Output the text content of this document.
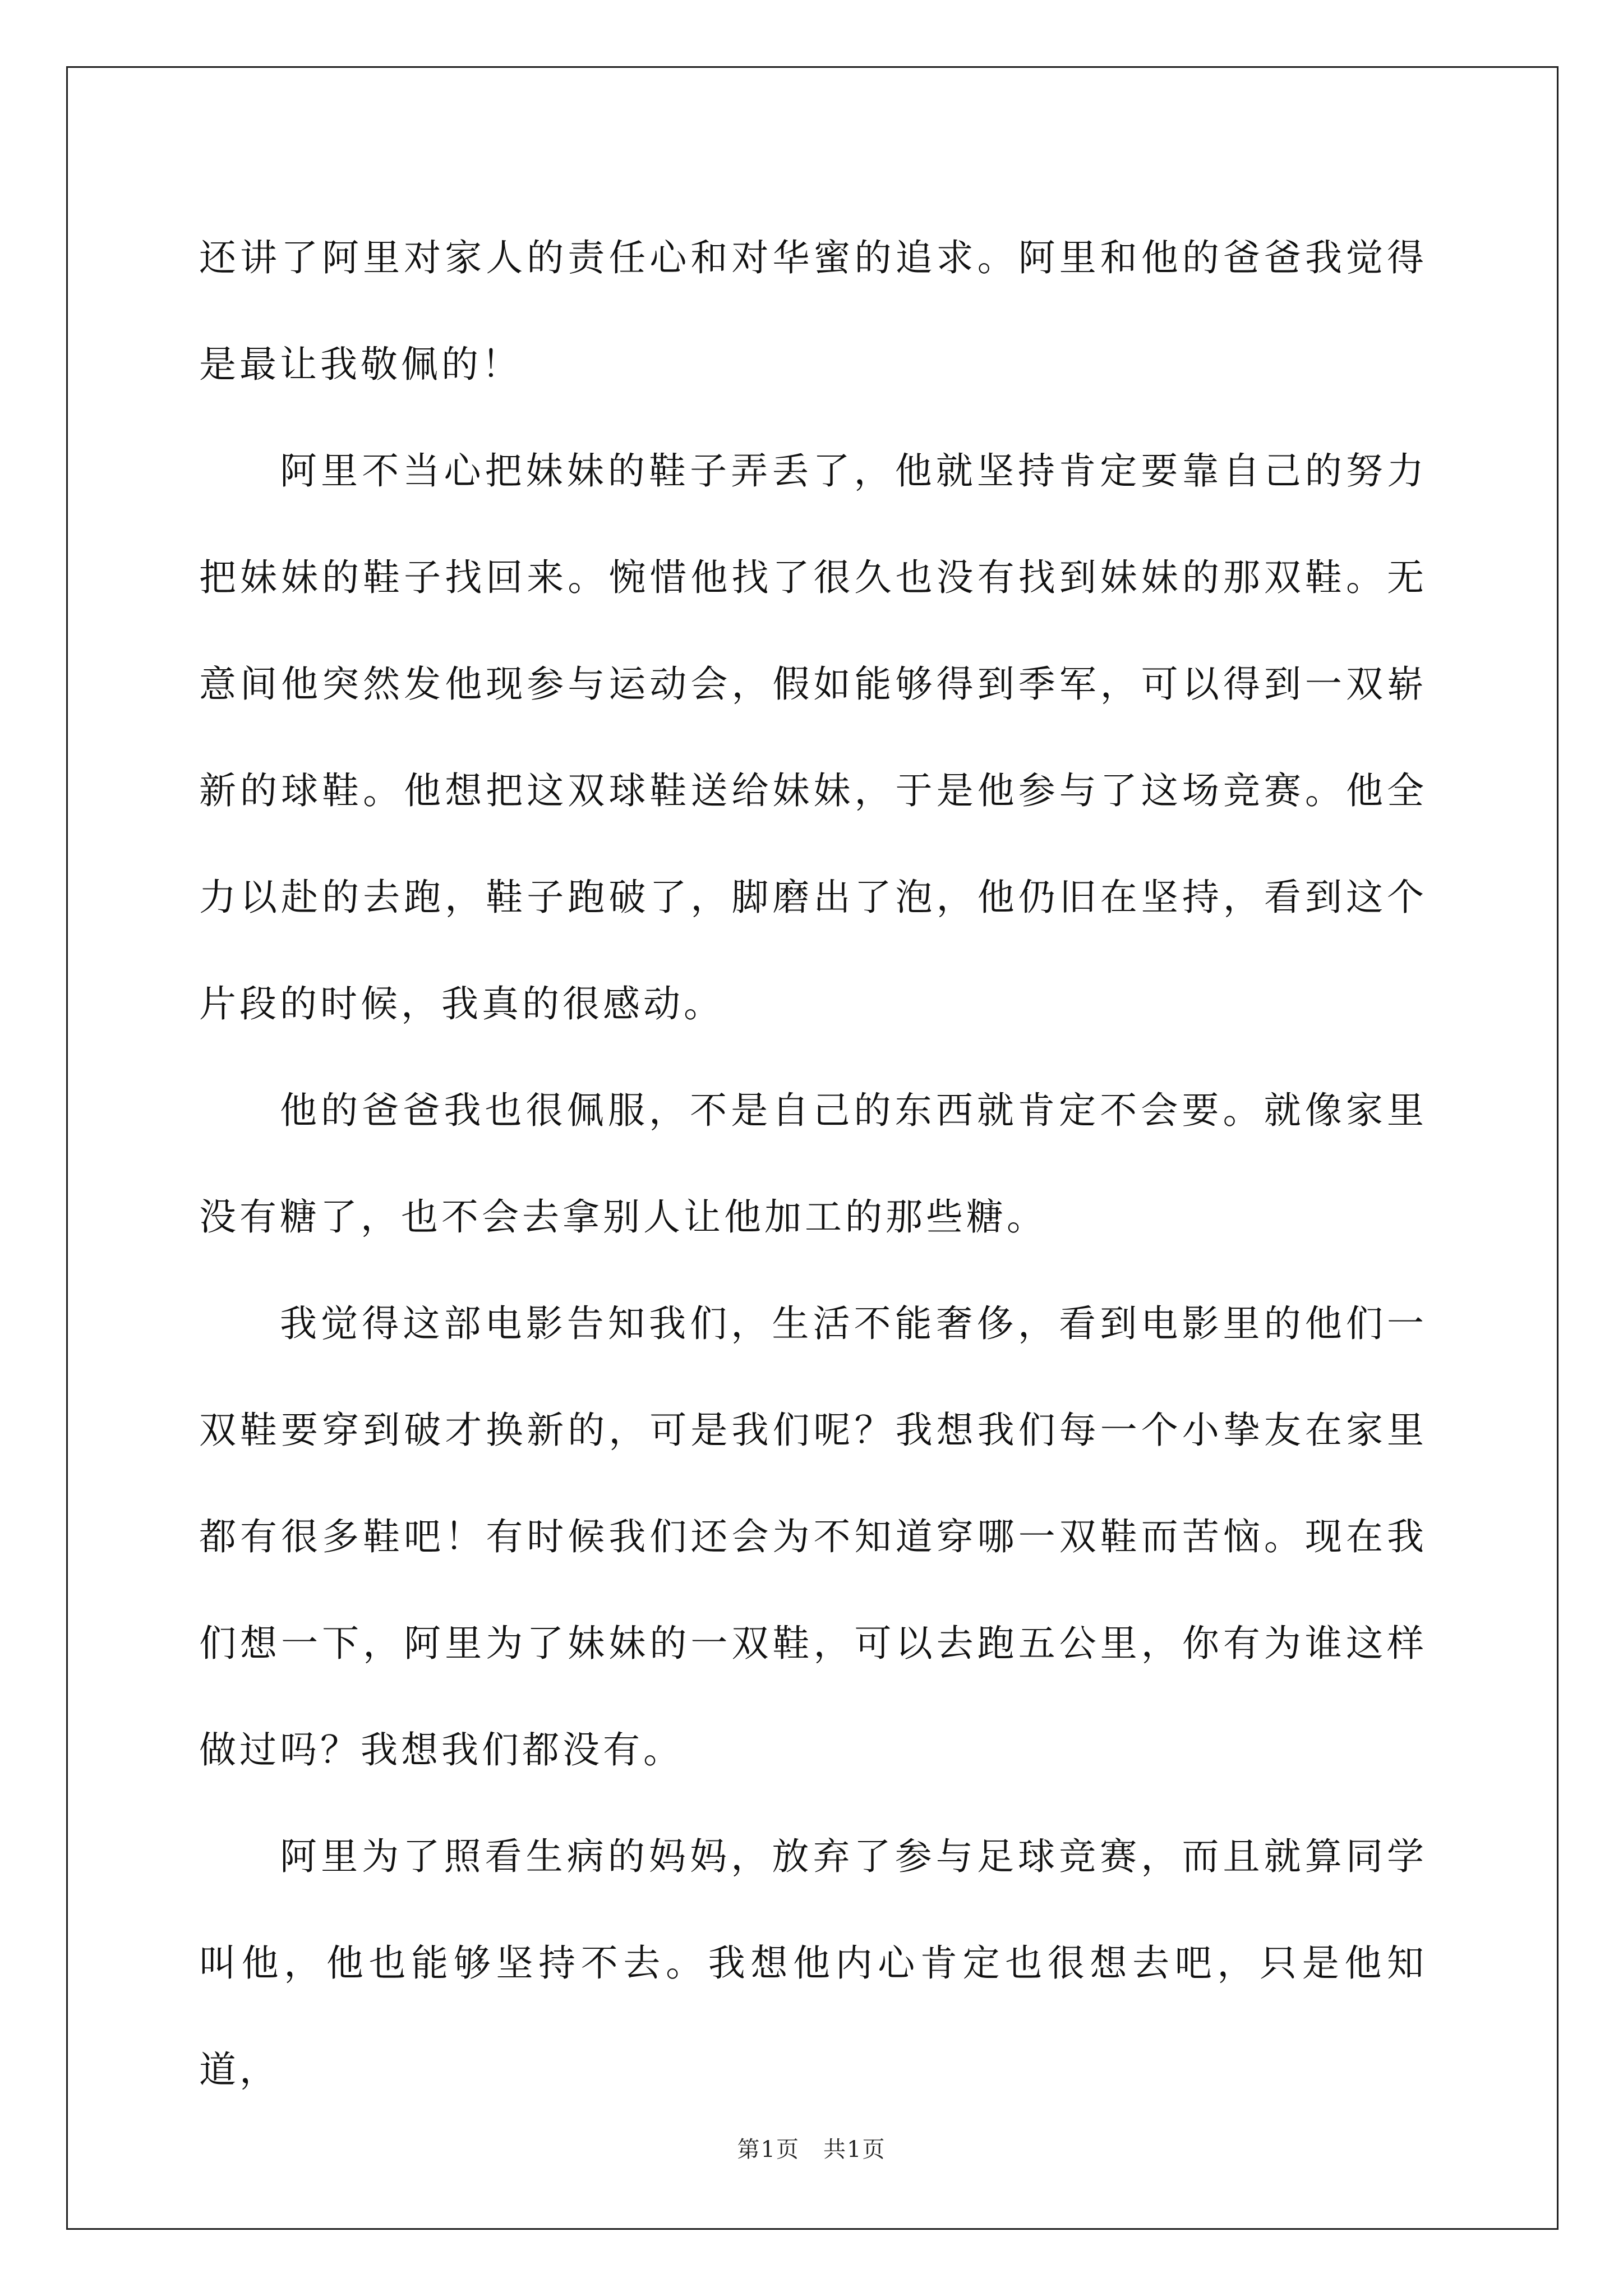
还讲了阿里对家人的责任心和对华蜜的追求。阿里和他的爸爸我觉得是最让我敬佩的！

阿里不当心把妹妹的鞋子弄丢了，他就坚持肯定要靠自己的努力把妹妹的鞋子找回来。惋惜他找了很久也没有找到妹妹的那双鞋。无意间他突然发他现参与运动会，假如能够得到季军，可以得到一双崭新的球鞋。他想把这双球鞋送给妹妹，于是他参与了这场竞赛。他全力以赴的去跑，鞋子跑破了，脚磨出了泡，他仍旧在坚持，看到这个片段的时候，我真的很感动。

他的爸爸我也很佩服，不是自己的东西就肯定不会要。就像家里没有糖了，也不会去拿别人让他加工的那些糖。

我觉得这部电影告知我们，生活不能奢侈，看到电影里的他们一双鞋要穿到破才换新的，可是我们呢？我想我们每一个小挚友在家里都有很多鞋吧！有时候我们还会为不知道穿哪一双鞋而苦恼。现在我们想一下，阿里为了妹妹的一双鞋，可以去跑五公里，你有为谁这样做过吗？我想我们都没有。

阿里为了照看生病的妈妈，放弃了参与足球竞赛，而且就算同学叫他，他也能够坚持不去。我想他内心肯定也很想去吧，只是他知道，

第1页　共1页
